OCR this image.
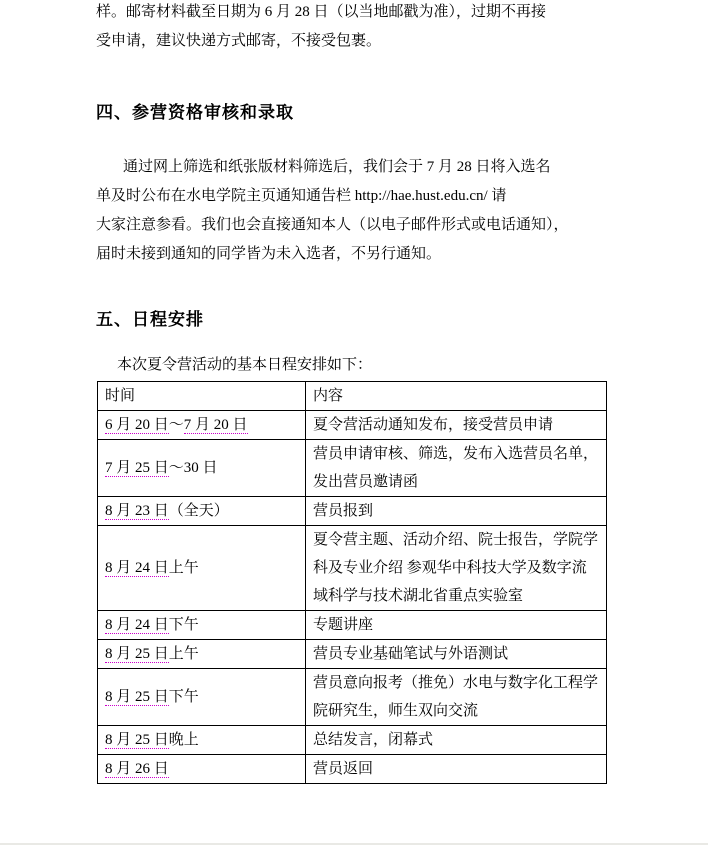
样。邮寄材料截至日期为 6 月 28 日（以当地邮戳为准），过期不再接
受申请，建议快递方式邮寄，不接受包裹。
四、参营资格审核和录取
通过网上筛选和纸张版材料筛选后，我们会于 7 月 28 日将入选名
单及时公布在水电学院主页通知通告栏 http://hae.hust.edu.cn/ 请
大家注意参看。我们也会直接通知本人（以电子邮件形式或电话通知），
届时未接到通知的同学皆为未入选者，不另行通知。
五、日程安排
本次夏令营活动的基本日程安排如下：
时间	内容
6 月 20 日～7 月 20 日	夏令营活动通知发布，接受营员申请
7 月 25 日～30 日	营员申请审核、筛选，发布入选营员名单，发出营员邀请函
8 月 23 日（全天）	营员报到
8 月 24 日上午	夏令营主题、活动介绍、院士报告，学院学科及专业介绍 参观华中科技大学及数字流域科学与技术湖北省重点实验室
8 月 24 日下午	专题讲座
8 月 25 日上午	营员专业基础笔试与外语测试
8 月 25 日下午	营员意向报考（推免）水电与数字化工程学院研究生，师生双向交流
8 月 25 日晚上	总结发言，闭幕式
8 月 26 日	营员返回
